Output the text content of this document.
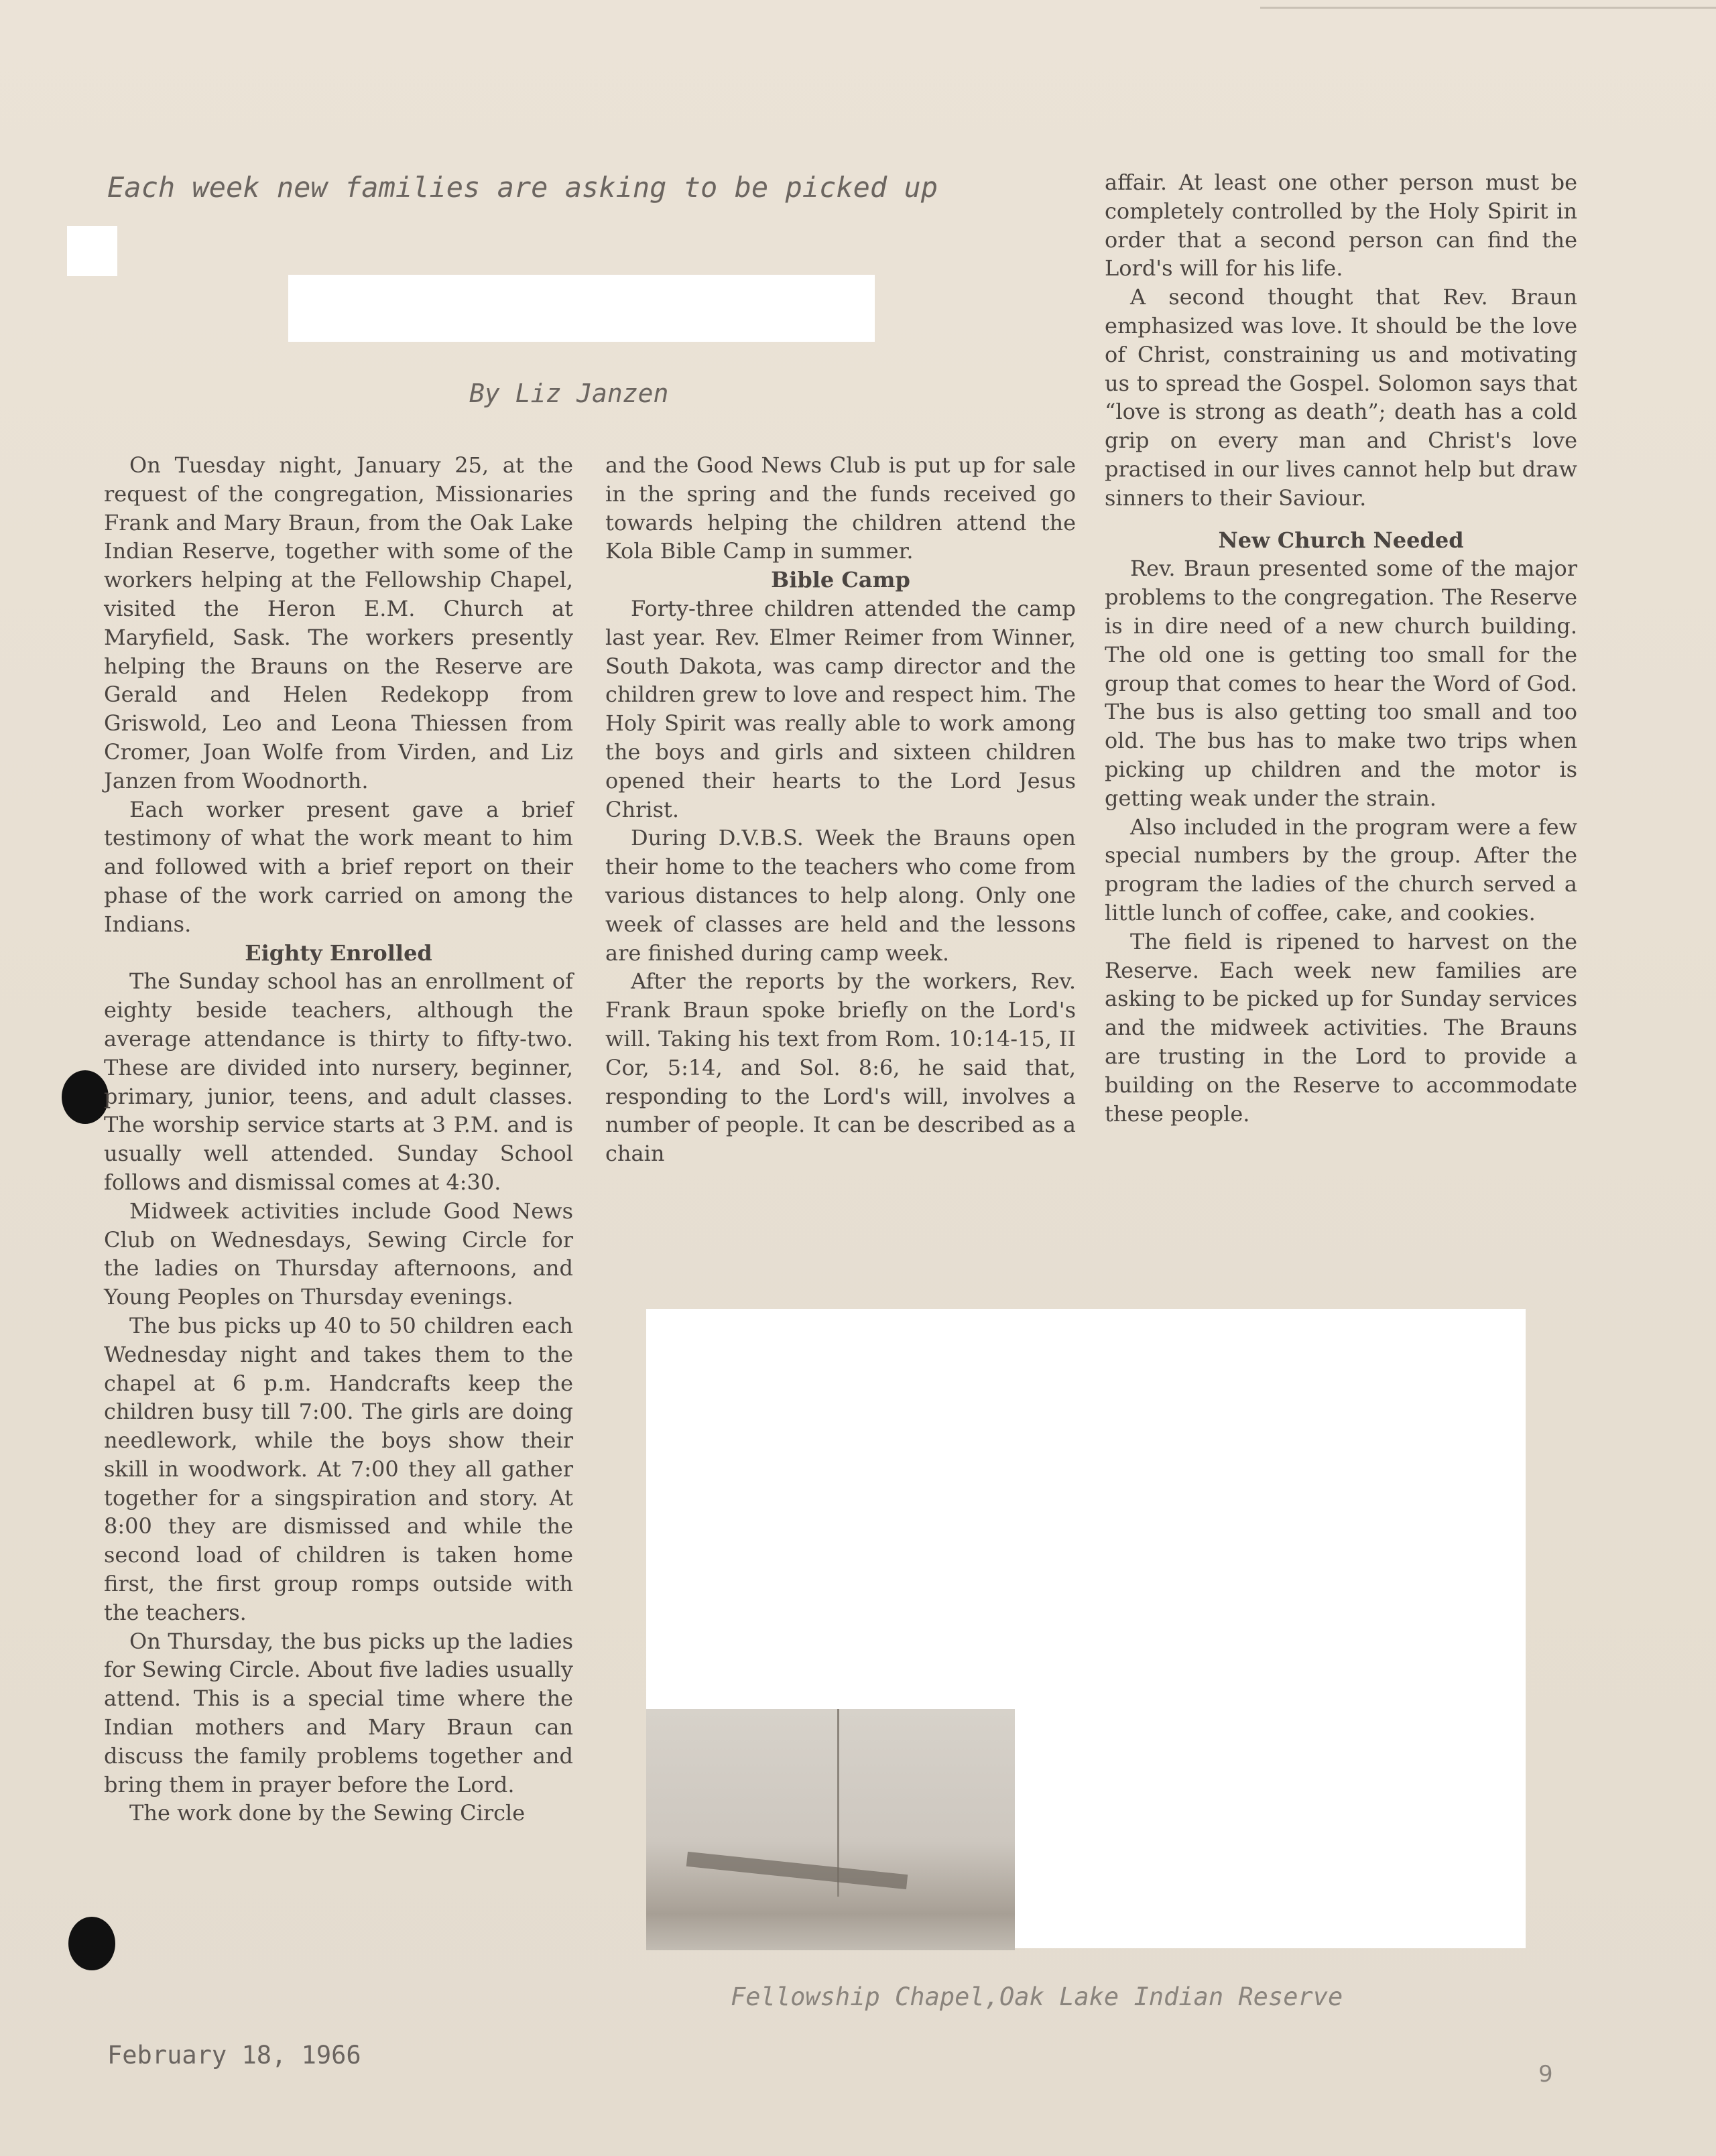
Each week new families are asking to be picked up
By Liz Janzen

On Tuesday night, January 25, at the request of the congregation, Missionaries Frank and Mary Braun, from the Oak Lake Indian Reserve, together with some of the workers helping at the Fellowship Chapel, visited the Heron E.M. Church at Maryfield, Sask. The workers presently helping the Brauns on the Reserve are Gerald and Helen Redekopp from Griswold, Leo and Leona Thiessen from Cromer, Joan Wolfe from Virden, and Liz Janzen from Woodnorth.

Each worker present gave a brief testimony of what the work meant to him and followed with a brief report on their phase of the work carried on among the Indians.

Eighty Enrolled

The Sunday school has an enrollment of eighty beside teachers, although the average attendance is thirty to fifty-two. These are divided into nursery, beginner, primary, junior, teens, and adult classes. The worship service starts at 3 P.M. and is usually well attended. Sunday School follows and dismissal comes at 4:30.

Midweek activities include Good News Club on Wednesdays, Sewing Circle for the ladies on Thursday afternoons, and Young Peoples on Thursday evenings.

The bus picks up 40 to 50 children each Wednesday night and takes them to the chapel at 6 p.m. Handcrafts keep the children busy till 7:00. The girls are doing needlework, while the boys show their skill in woodwork. At 7:00 they all gather together for a singspiration and story. At 8:00 they are dismissed and while the second load of children is taken home first, the first group romps outside with the teachers.

On Thursday, the bus picks up the ladies for Sewing Circle. About five ladies usually attend. This is a special time where the Indian mothers and Mary Braun can discuss the family problems together and bring them in prayer before the Lord.

The work done by the Sewing Circle

and the Good News Club is put up for sale in the spring and the funds received go towards helping the children attend the Kola Bible Camp in summer.

Bible Camp

Forty-three children attended the camp last year. Rev. Elmer Reimer from Winner, South Dakota, was camp director and the children grew to love and respect him. The Holy Spirit was really able to work among the boys and girls and sixteen children opened their hearts to the Lord Jesus Christ.

During D.V.B.S. Week the Brauns open their home to the teachers who come from various distances to help along. Only one week of classes are held and the lessons are finished during camp week.

After the reports by the workers, Rev. Frank Braun spoke briefly on the Lord's will. Taking his text from Rom. 10:14-15, II Cor, 5:14, and Sol. 8:6, he said that, responding to the Lord's will, involves a number of people. It can be described as a chain

affair. At least one other person must be completely controlled by the Holy Spirit in order that a second person can find the Lord's will for his life.

A second thought that Rev. Braun emphasized was love. It should be the love of Christ, constraining us and motivating us to spread the Gospel. Solomon says that “love is strong as death”; death has a cold grip on every man and Christ's love practised in our lives cannot help but draw sinners to their Saviour.

New Church Needed

Rev. Braun presented some of the major problems to the congregation. The Reserve is in dire need of a new church building. The old one is getting too small for the group that comes to hear the Word of God. The bus is also getting too small and too old. The bus has to make two trips when picking up children and the motor is getting weak under the strain.

Also included in the program were a few special numbers by the group. After the program the ladies of the church served a little lunch of coffee, cake, and cookies.

The field is ripened to harvest on the Reserve. Each week new families are asking to be picked up for Sunday services and the midweek activities. The Brauns are trusting in the Lord to provide a building on the Reserve to accommodate these people.

Fellowship Chapel,Oak Lake Indian Reserve
February 18, 1966
9
